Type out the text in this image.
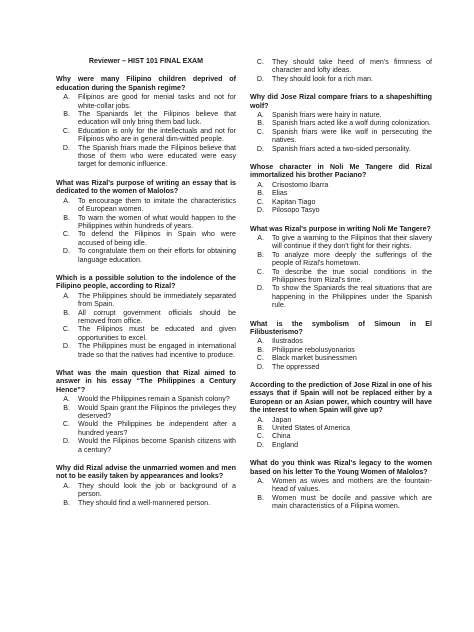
Reviewer – HIST 101 FINAL EXAM
Why were many Filipino children deprived of education during the Spanish regime?
A.	Filipinos are good for menial tasks and not for white-collar jobs.
B.	The Spaniards let the Filipinos believe that education will only bring them bad luck.
C.	Education is only for the intellectuals and not for Filipinos who are in general dim-witted people.
D.	The Spanish friars made the Filipinos believe that those of them who were educated were easy target for demonic influence.
What was Rizal's purpose of writing an essay that is dedicated to the women of Malolos?
A.	To encourage them to imitate the characteristics of European women.
B.	To warn the women of what would happen to the Philippines within hundreds of years.
C.	To defend the Filipinos in Spain who were accused of being idle.
D.	To congratulate them on their efforts for obtaining language education.
Which is a possible solution to the indolence of the Filipino people, according to Rizal?
A.	The Philippines should be immediately separated from Spain.
B.	All corrupt government officials should be removed from office.
C.	The Filipinos must be educated and given opportunities to excel.
D.	The Philippines must be engaged in international trade so that the natives had incentive to produce.
What was the main question that Rizal aimed to answer in his essay “The Philippines a Century Hence”?
A.	Would the Philippines remain a Spanish colony?
B.	Would Spain grant the Filipinos the privileges they deserved?
C.	Would the Philippines be independent after a hundred years?
D.	Would the Filipinos become Spanish citizens with a century?
Why did Rizal advise the unmarried women and men not to be easily taken by appearances and looks?
A.	They should look the job or background of a person.
B.	They should find a well-mannered person.
C.	They should take heed of men's firmness of character and lofty ideas.
D.	They should look for a rich man.
Why did Jose Rizal compare friars to a shapeshifting wolf?
A.	Spanish friars were hairy in nature.
B.	Spanish friars acted like a wolf during colonization.
C.	Spanish friars were like wolf in persecuting the natives.
D.	Spanish friars acted a two-sided personality.
Whose character in Noli Me Tangere did Rizal immortalized his brother Paciano?
A.	Crisostomo Ibarra
B.	Elias
C.	Kapitan Tiago
D.	Pilosopo Tasyo
What was Rizal's purpose in writing Noli Me Tangere?
A.	To give a warning to the Filipinos that their slavery will continue if they don't fight for their rights.
B.	To analyze more deeply the sufferings of the people of Rizal's hometown.
C.	To describe the true social conditions in the Philippines from Rizal's time.
D.	To show the Spaniards the real situations that are happening in the Philippines under the Spanish rule.
What is the symbolism of Simoun in El Filibusterismo?
A.	Ilustrados
B.	Philippine rebolusyonarios
C.	Black market businessmen
D.	The oppressed
According to the prediction of Jose Rizal in one of his essays that if Spain will not be replaced either by a European or an Asian power, which country will have the interest to when Spain will give up?
A.	Japan
B.	United States of America
C.	China
D.	England
What do you think was Rizal's legacy to the women based on his letter To the Young Women of Malolos?
A.	Women as wives and mothers are the fountain-head of values.
B.	Women must be docile and passive which are main characteristics of a Filipina women.
